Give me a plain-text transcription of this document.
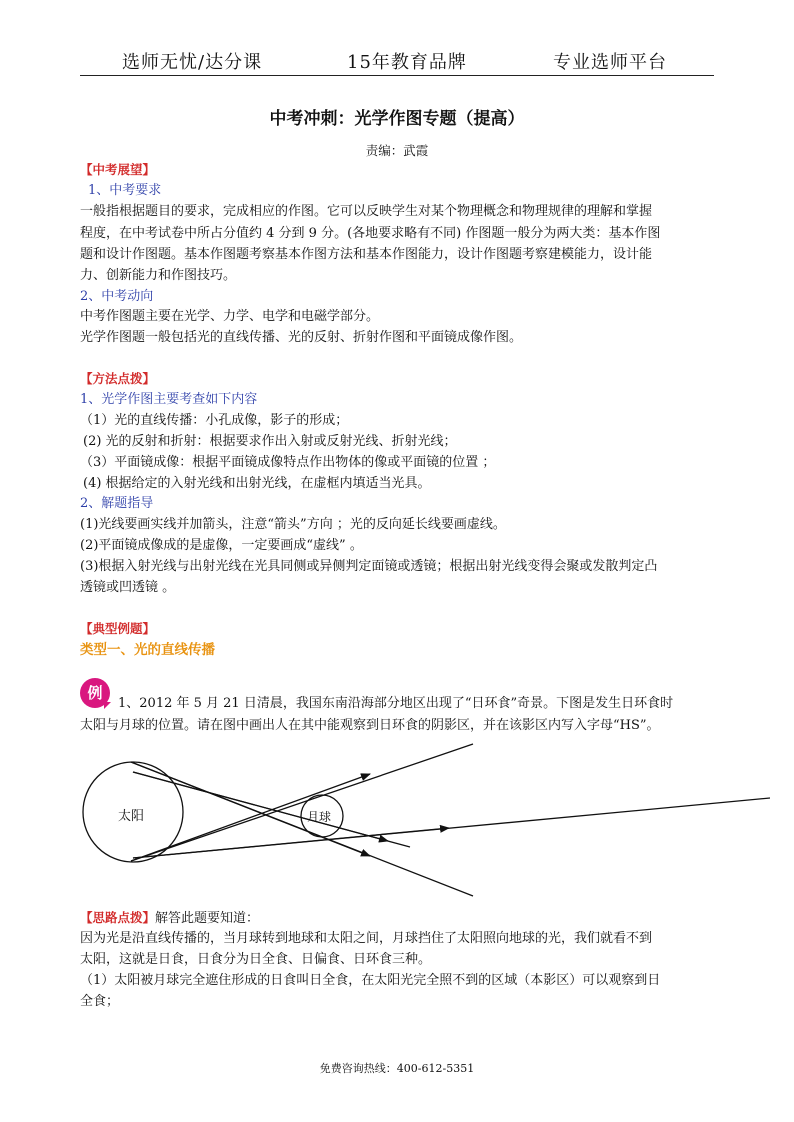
选师无忧/达分课	15年教育品牌	专业选师平台
中考冲刺：光学作图专题（提高）
责编：武霞
【中考展望】
1、中考要求
一般指根据题目的要求，完成相应的作图。它可以反映学生对某个物理概念和物理规律的理解和掌握
程度，在中考试卷中所占分值约 4 分到 9 分。(各地要求略有不同) 作图题一般分为两大类：基本作图
题和设计作图题。基本作图题考察基本作图方法和基本作图能力，设计作图题考察建模能力，设计能
力、创新能力和作图技巧。
2、中考动向
中考作图题主要在光学、力学、电学和电磁学部分。
光学作图题一般包括光的直线传播、光的反射、折射作图和平面镜成像作图。
【方法点拨】
1、光学作图主要考查如下内容
（1）光的直线传播：小孔成像，影子的形成；
(2) 光的反射和折射：根据要求作出入射或反射光线、折射光线；
（3）平面镜成像：根据平面镜成像特点作出物体的像或平面镜的位置 ；
(4) 根据给定的入射光线和出射光线，在虚框内填适当光具。
2、解题指导
(1)光线要画实线并加箭头，注意“箭头”方向 ；光的反向延长线要画虚线。
(2)平面镜成像成的是虚像，一定要画成“虚线” 。
(3)根据入射光线与出射光线在光具同侧或异侧判定面镜或透镜；根据出射光线变得会聚或发散判定凸
透镜或凹透镜 。
【典型例题】
类型一、光的直线传播
例
1、2012 年 5 月 21 日清晨，我国东南沿海部分地区出现了“日环食”奇景。下图是发生日环食时
太阳与月球的位置。请在图中画出人在其中能观察到日环食的阴影区，并在该影区内写入字母“HS”。
太阳	月球
【思路点拨】解答此题要知道：
因为光是沿直线传播的，当月球转到地球和太阳之间，月球挡住了太阳照向地球的光，我们就看不到
太阳，这就是日食，日食分为日全食、日偏食、日环食三种。
（1）太阳被月球完全遮住形成的日食叫日全食，在太阳光完全照不到的区域（本影区）可以观察到日
全食；
免费咨询热线：400-612-5351
